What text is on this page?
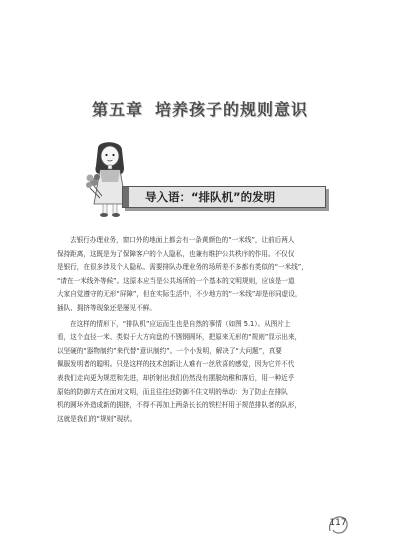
第五章 培养孩子的规则意识
导入语：“排队机”的发明
去银行办理业务，窗口外的地面上都会有一条黄颜色的“一米线”，让前后两人
保持距离，这既是为了保障客户的个人隐私，也兼有维护公共秩序的作用。不仅仅
是银行，在很多涉及个人隐私、需要排队办理业务的场所差不多都有类似的“一米线”，
“请在一米线外等候”。这原本应当是公共场所的一个基本的文明规则，应该是一道
大家自觉遵守的无形“屏障”，但在实际生活中，不少地方的“一米线”却是形同虚设，
插队、拥挤等现象还是屡见不鲜。
在这样的情形下，“排队机”应运而生也是自然的事情（如图 5.1）。从图片上
看，这个直径一米、类似于大方向盘的不锈钢圆环，把原来无形的“规则”显示出来，
以坚硬的“器物制约”来代替“意识制约”。一个小发明，解决了“大问题”，真要
佩服发明者的聪明。只是这样的技术创新让人难有一丝欣喜的感觉，因为它并不代
表我们走向更为规范和先进，却折射出我们仍然没有摆脱幼稚和落后，用一种近乎
原始的防御方式在面对文明，而且往往还防御不住文明的举动：为了防止在排队
机的圆环外造成新的拥挤，不得不再加上两条长长的铁栏杆用于规范排队者的队形，
这就是我们的“规则”现状。
117
